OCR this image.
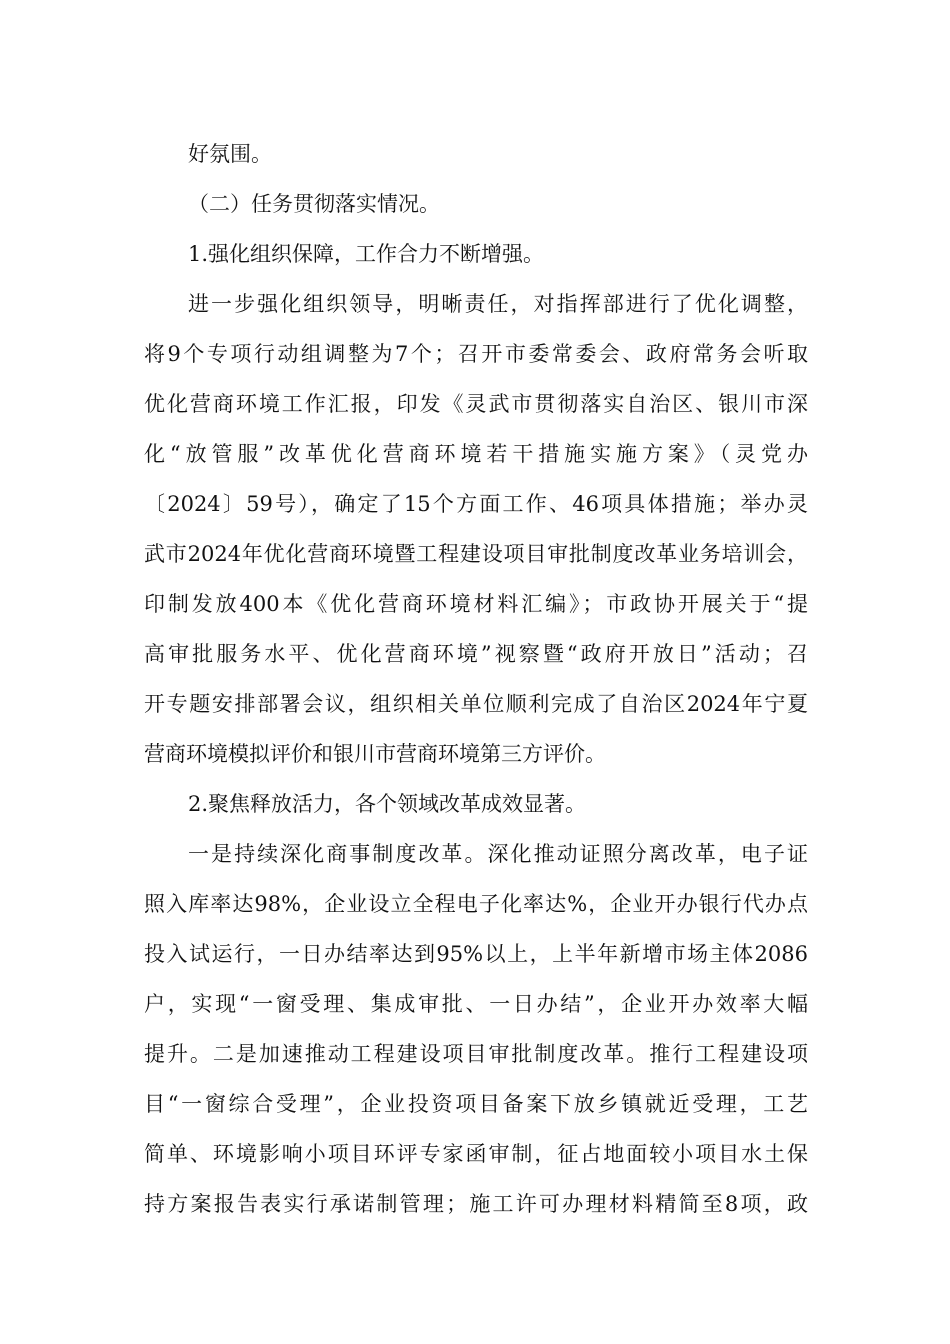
好氛围。
（二）任务贯彻落实情况。
1.强化组织保障，工作合力不断增强。
进一步强化组织领导，明晰责任，对指挥部进行了优化调整，
将9个专项行动组调整为7个；召开市委常委会、政府常务会听取
优化营商环境工作汇报，印发《灵武市贯彻落实自治区、银川市深
化“放管服”改革优化营商环境若干措施实施方案》（灵党办
〔2024〕59号），确定了15个方面工作、46项具体措施；举办灵
武市2024年优化营商环境暨工程建设项目审批制度改革业务培训会，
印制发放400本《优化营商环境材料汇编》；市政协开展关于“提
高审批服务水平、优化营商环境”视察暨“政府开放日”活动；召
开专题安排部署会议，组织相关单位顺利完成了自治区2024年宁夏
营商环境模拟评价和银川市营商环境第三方评价。
2.聚焦释放活力，各个领域改革成效显著。
一是持续深化商事制度改革。深化推动证照分离改革，电子证
照入库率达98%，企业设立全程电子化率达%，企业开办银行代办点
投入试运行，一日办结率达到95%以上，上半年新增市场主体2086
户，实现“一窗受理、集成审批、一日办结”，企业开办效率大幅
提升。二是加速推动工程建设项目审批制度改革。推行工程建设项
目“一窗综合受理”，企业投资项目备案下放乡镇就近受理，工艺
简单、环境影响小项目环评专家函审制，征占地面较小项目水土保
持方案报告表实行承诺制管理；施工许可办理材料精简至8项，政
